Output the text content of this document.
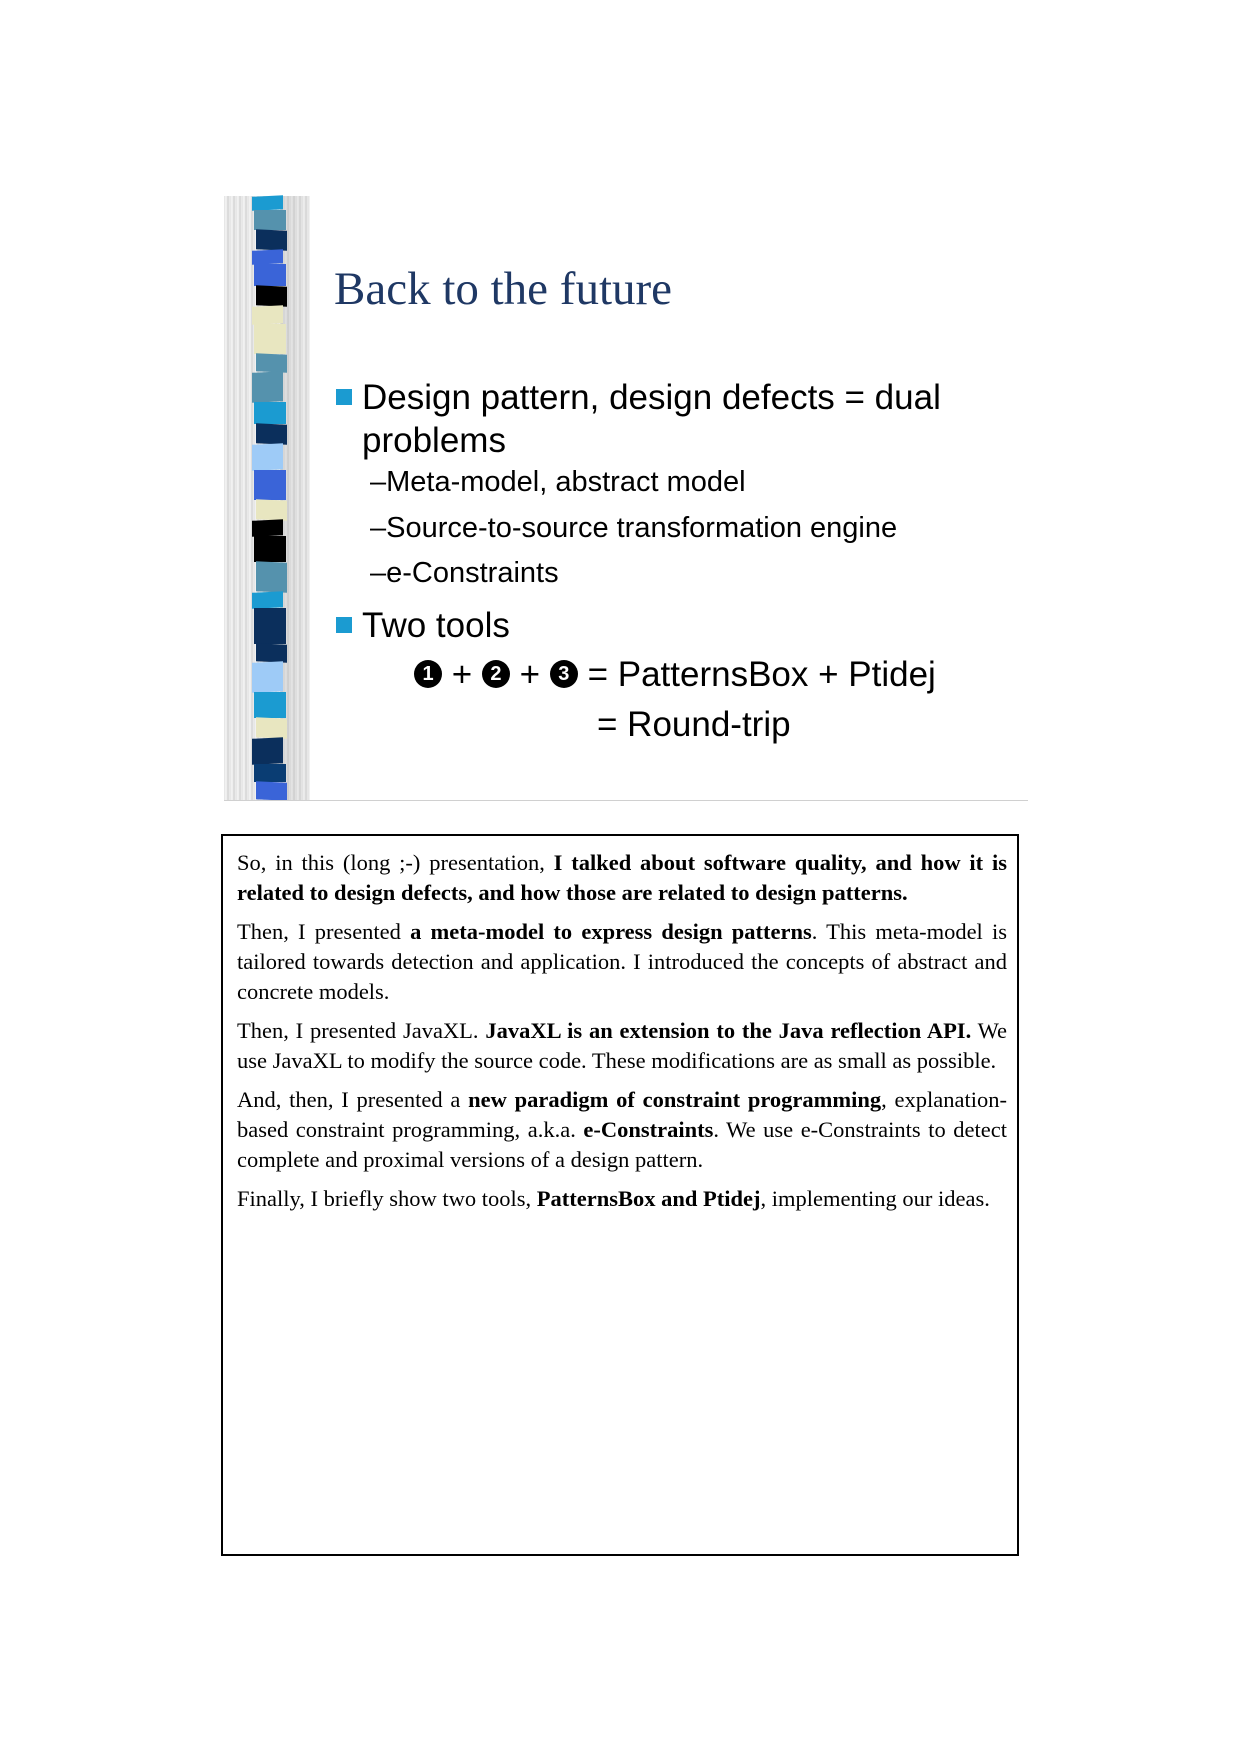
Back to the future
Design pattern, design defects = dual
problems
–Meta-model, abstract model
–Source-to-source transformation engine
–e-Constraints
Two tools
1 + 2 + 3 = PatternsBox + Ptidej
= Round-trip

So, in this (long ;-) presentation, I talked about software quality, and how it is related to design defects, and how those are related to design patterns.

Then, I presented a meta-model to express design patterns. This meta-model is tailored towards detection and application. I introduced the concepts of abstract and concrete models.

Then, I presented JavaXL. JavaXL is an extension to the Java reflection API. We use JavaXL to modify the source code. These modifications are as small as possible.

And, then, I presented a new paradigm of constraint programming, explanation-based constraint programming, a.k.a. e-Constraints. We use e-Constraints to detect complete and proximal versions of a design pattern.

Finally, I briefly show two tools, PatternsBox and Ptidej, implementing our ideas.
